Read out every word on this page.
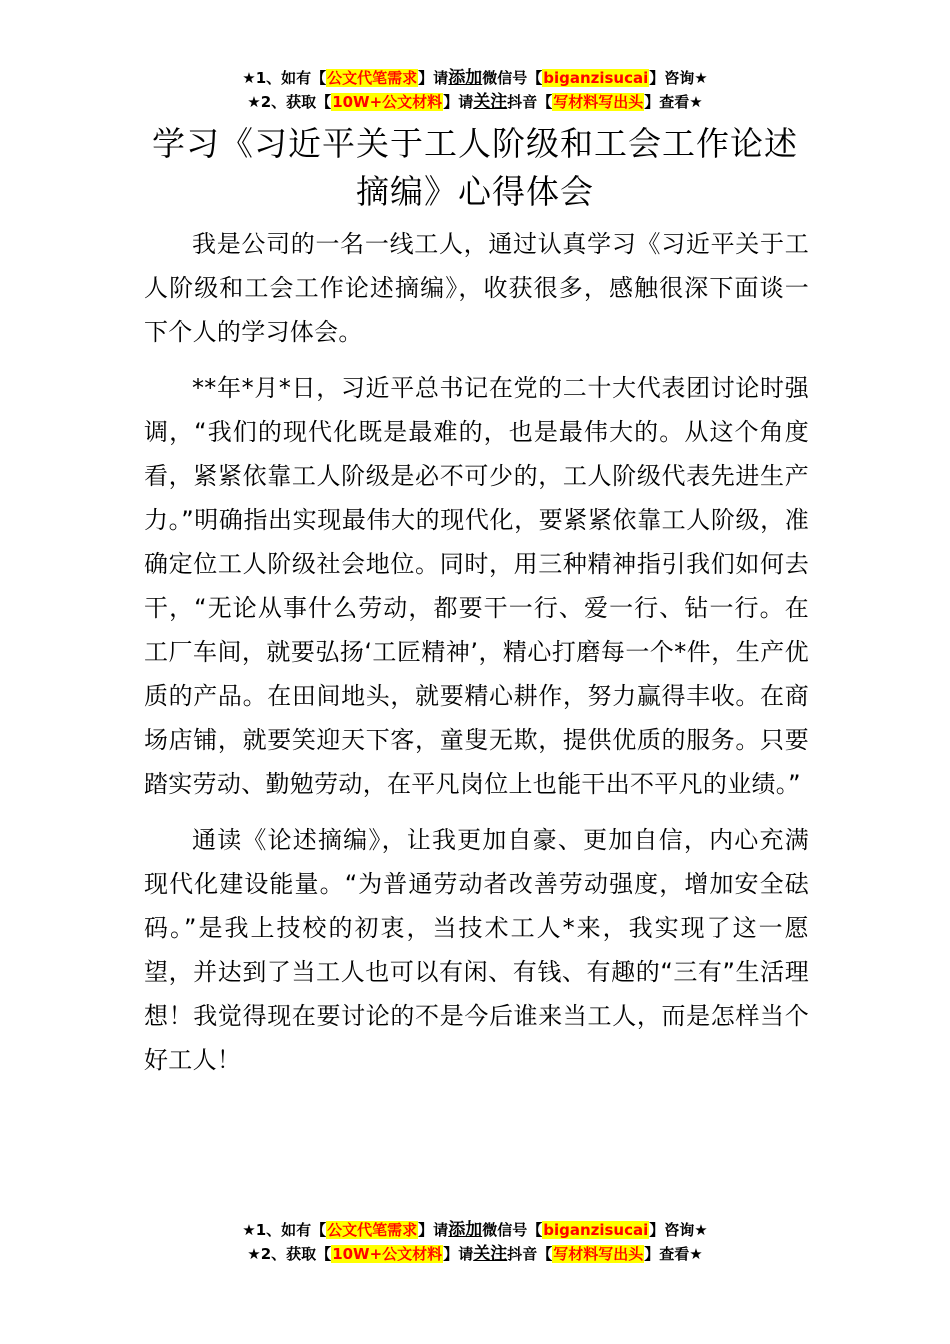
★1、如有【公文代笔需求】请添加微信号【biganzisucai】咨询★
★2、获取【10W+公文材料】请关注抖音【写材料写出头】查看★
学习《习近平关于工人阶级和工会工作论述摘编》心得体会

我是公司的一名一线工人，通过认真学习《习近平关于工人阶级和工会工作论述摘编》，收获很多，感触很深下面谈一下个人的学习体会。

**年*月*日，习近平总书记在党的二十大代表团讨论时强调，“我们的现代化既是最难的，也是最伟大的。从这个角度看，紧紧依靠工人阶级是必不可少的，工人阶级代表先进生产力。”明确指出实现最伟大的现代化，要紧紧依靠工人阶级，准确定位工人阶级社会地位。同时，用三种精神指引我们如何去干，“无论从事什么劳动，都要干一行、爱一行、钻一行。在工厂车间，就要弘扬‘工匠精神’，精心打磨每一个*件，生产优质的产品。在田间地头，就要精心耕作，努力赢得丰收。在商场店铺，就要笑迎天下客，童叟无欺，提供优质的服务。只要踏实劳动、勤勉劳动，在平凡岗位上也能干出不平凡的业绩。”

通读《论述摘编》，让我更加自豪、更加自信，内心充满现代化建设能量。“为普通劳动者改善劳动强度，增加安全砝码。”是我上技校的初衷，当技术工人*来，我实现了这一愿望，并达到了当工人也可以有闲、有钱、有趣的“三有”生活理想！我觉得现在要讨论的不是今后谁来当工人，而是怎样当个好工人！

★1、如有【公文代笔需求】请添加微信号【biganzisucai】咨询★
★2、获取【10W+公文材料】请关注抖音【写材料写出头】查看★
